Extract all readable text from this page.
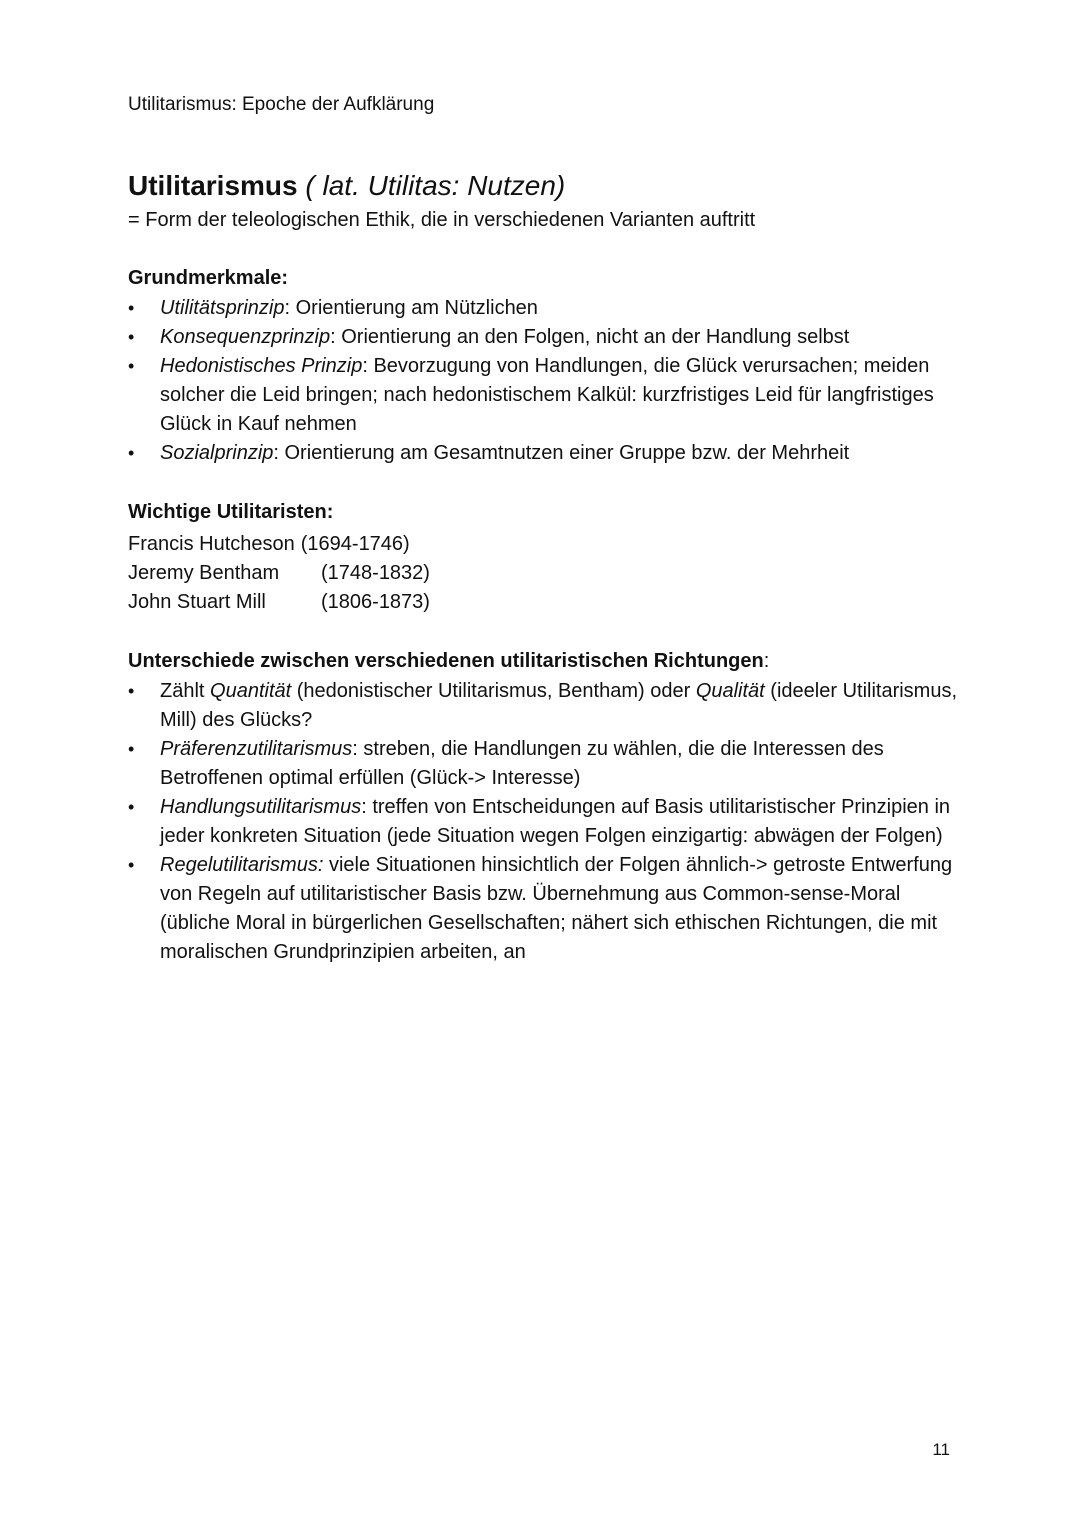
Utilitarismus: Epoche der Aufklärung

Utilitarismus ( lat. Utilitas: Nutzen)

= Form der teleologischen Ethik, die in verschiedenen Varianten auftritt

Grundmerkmale:
• Utilitätsprinzip: Orientierung am Nützlichen
• Konsequenzprinzip: Orientierung an den Folgen, nicht an der Handlung selbst
• Hedonistisches Prinzip: Bevorzugung von Handlungen, die Glück verursachen; meiden solcher die Leid bringen; nach hedonistischem Kalkül: kurzfristiges Leid für langfristiges Glück in Kauf nehmen
• Sozialprinzip: Orientierung am Gesamtnutzen einer Gruppe bzw. der Mehrheit
Wichtige Utilitaristen:
Francis Hutcheson (1694-1746)
Jeremy Bentham	(1748-1832)
John Stuart Mill	(1806-1873)
Unterschiede zwischen verschiedenen utilitaristischen Richtungen:
• Zählt Quantität (hedonistischer Utilitarismus, Bentham) oder Qualität (ideeler Utilitarismus, Mill) des Glücks?
• Präferenzutilitarismus: streben, die Handlungen zu wählen, die die Interessen des Betroffenen optimal erfüllen (Glück-> Interesse)
• Handlungsutilitarismus: treffen von Entscheidungen auf Basis utilitaristischer Prinzipien in jeder konkreten Situation (jede Situation wegen Folgen einzigartig: abwägen der Folgen)
• Regelutilitarismus: viele Situationen hinsichtlich der Folgen ähnlich-> getroste Entwerfung von Regeln auf utilitaristischer Basis bzw. Übernehmung aus Common-sense-Moral (übliche Moral in bürgerlichen Gesellschaften; nähert sich ethischen Richtungen, die mit moralischen Grundprinzipien arbeiten, an
11
